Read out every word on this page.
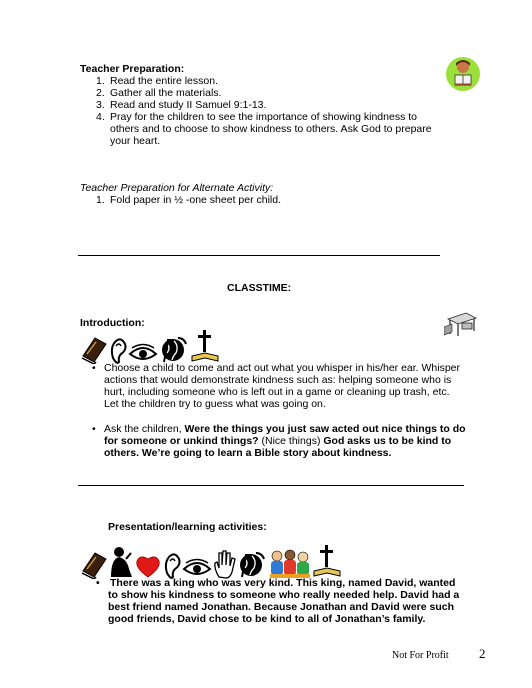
Teacher Preparation:
1. Read the entire lesson.
2. Gather all the materials.
3. Read and study II Samuel 9:1-13.
4. Pray for the children to see the importance of showing kindness to others and to choose to show kindness to others. Ask God to prepare your heart.
Teacher Preparation for Alternate Activity:
1. Fold paper in ½ -one sheet per child.
CLASSTIME:
Introduction:
• Choose a child to come and act out what you whisper in his/her ear. Whisper actions that would demonstrate kindness such as: helping someone who is hurt, including someone who is left out in a game or cleaning up trash, etc. Let the children try to guess what was going on.
• Ask the children, Were the things you just saw acted out nice things to do for someone or unkind things? (Nice things) God asks us to be kind to others. We’re going to learn a Bible story about kindness.
Presentation/learning activities:
• There was a king who was very kind. This king, named David, wanted to show his kindness to someone who really needed help. David had a best friend named Jonathan. Because Jonathan and David were such good friends, David chose to be kind to all of Jonathan’s family.
Not For Profit 2
